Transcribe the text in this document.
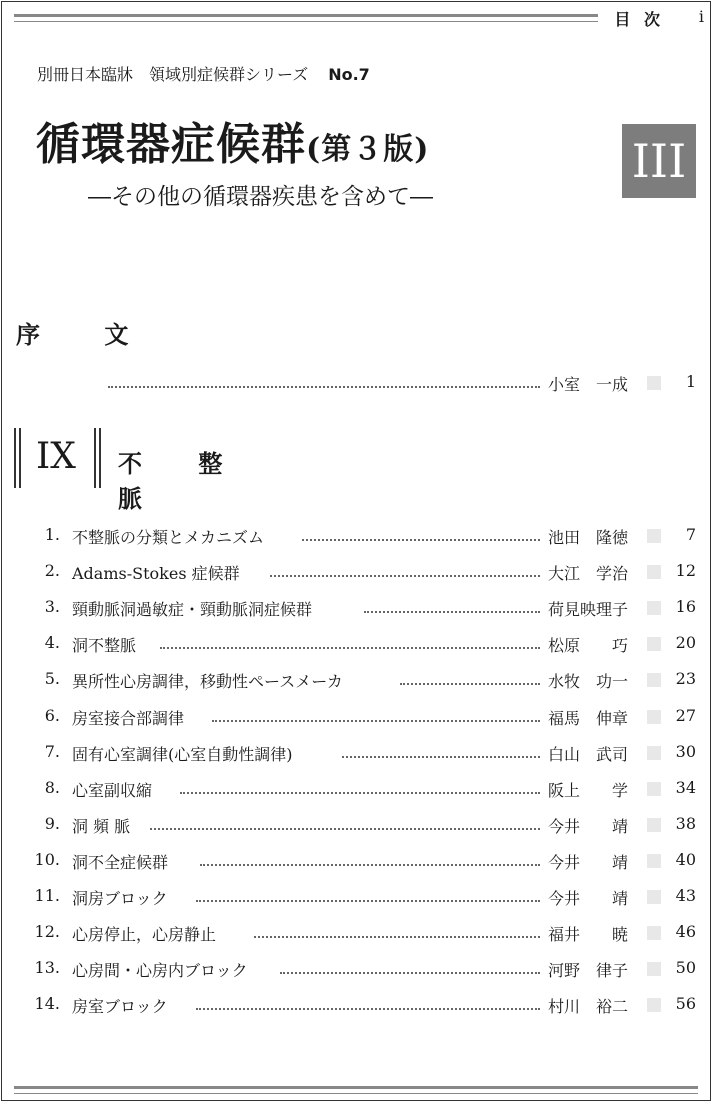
目 次 i
別冊日本臨牀　領域別症候群シリーズ No.7
循環器症候群(第３版)
―その他の循環器疾患を含めて―
III
序 文
小室　一成	1
IX 不 整 脈
1. 不整脈の分類とメカニズム	池田　隆徳	7
2. Adams-Stokes 症候群	大江　学治	12
3. 頸動脈洞過敏症・頸動脈洞症候群	荷見映理子	16
4. 洞不整脈	松原　　巧	20
5. 異所性心房調律，移動性ペースメーカ	水牧　功一	23
6. 房室接合部調律	福馬　伸章	27
7. 固有心室調律(心室自動性調律)	白山　武司	30
8. 心室副収縮	阪上　　学	34
9. 洞 頻 脈	今井　　靖	38
10. 洞不全症候群	今井　　靖	40
11. 洞房ブロック	今井　　靖	43
12. 心房停止，心房静止	福井　　暁	46
13. 心房間・心房内ブロック	河野　律子	50
14. 房室ブロック	村川　裕二	56
